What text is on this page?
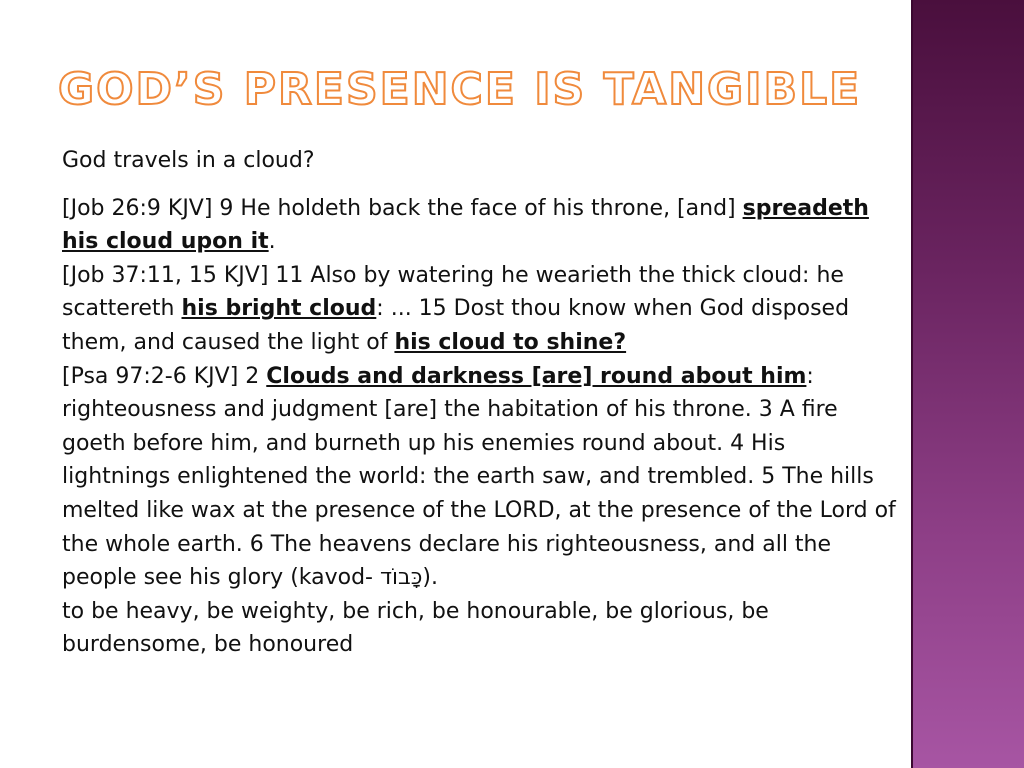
GOD’S PRESENCE IS TANGIBLE

God travels in a cloud?

[Job 26:9 KJV] 9 He holdeth back the face of his throne, [and] spreadeth his cloud upon it.

[Job 37:11, 15 KJV] 11 Also by watering he wearieth the thick cloud: he scattereth his bright cloud: ... 15 Dost thou know when God disposed them, and caused the light of his cloud to shine?

[Psa 97:2-6 KJV] 2 Clouds and darkness [are] round about him: righteousness and judgment [are] the habitation of his throne. 3 A fire goeth before him, and burneth up his enemies round about. 4 His lightnings enlightened the world: the earth saw, and trembled. 5 The hills melted like wax at the presence of the LORD, at the presence of the Lord of the whole earth. 6 The heavens declare his righteousness, and all the people see his glory (kavod- כָּבוֹד).

to be heavy, be weighty, be rich, be honourable, be glorious, be burdensome, be honoured
